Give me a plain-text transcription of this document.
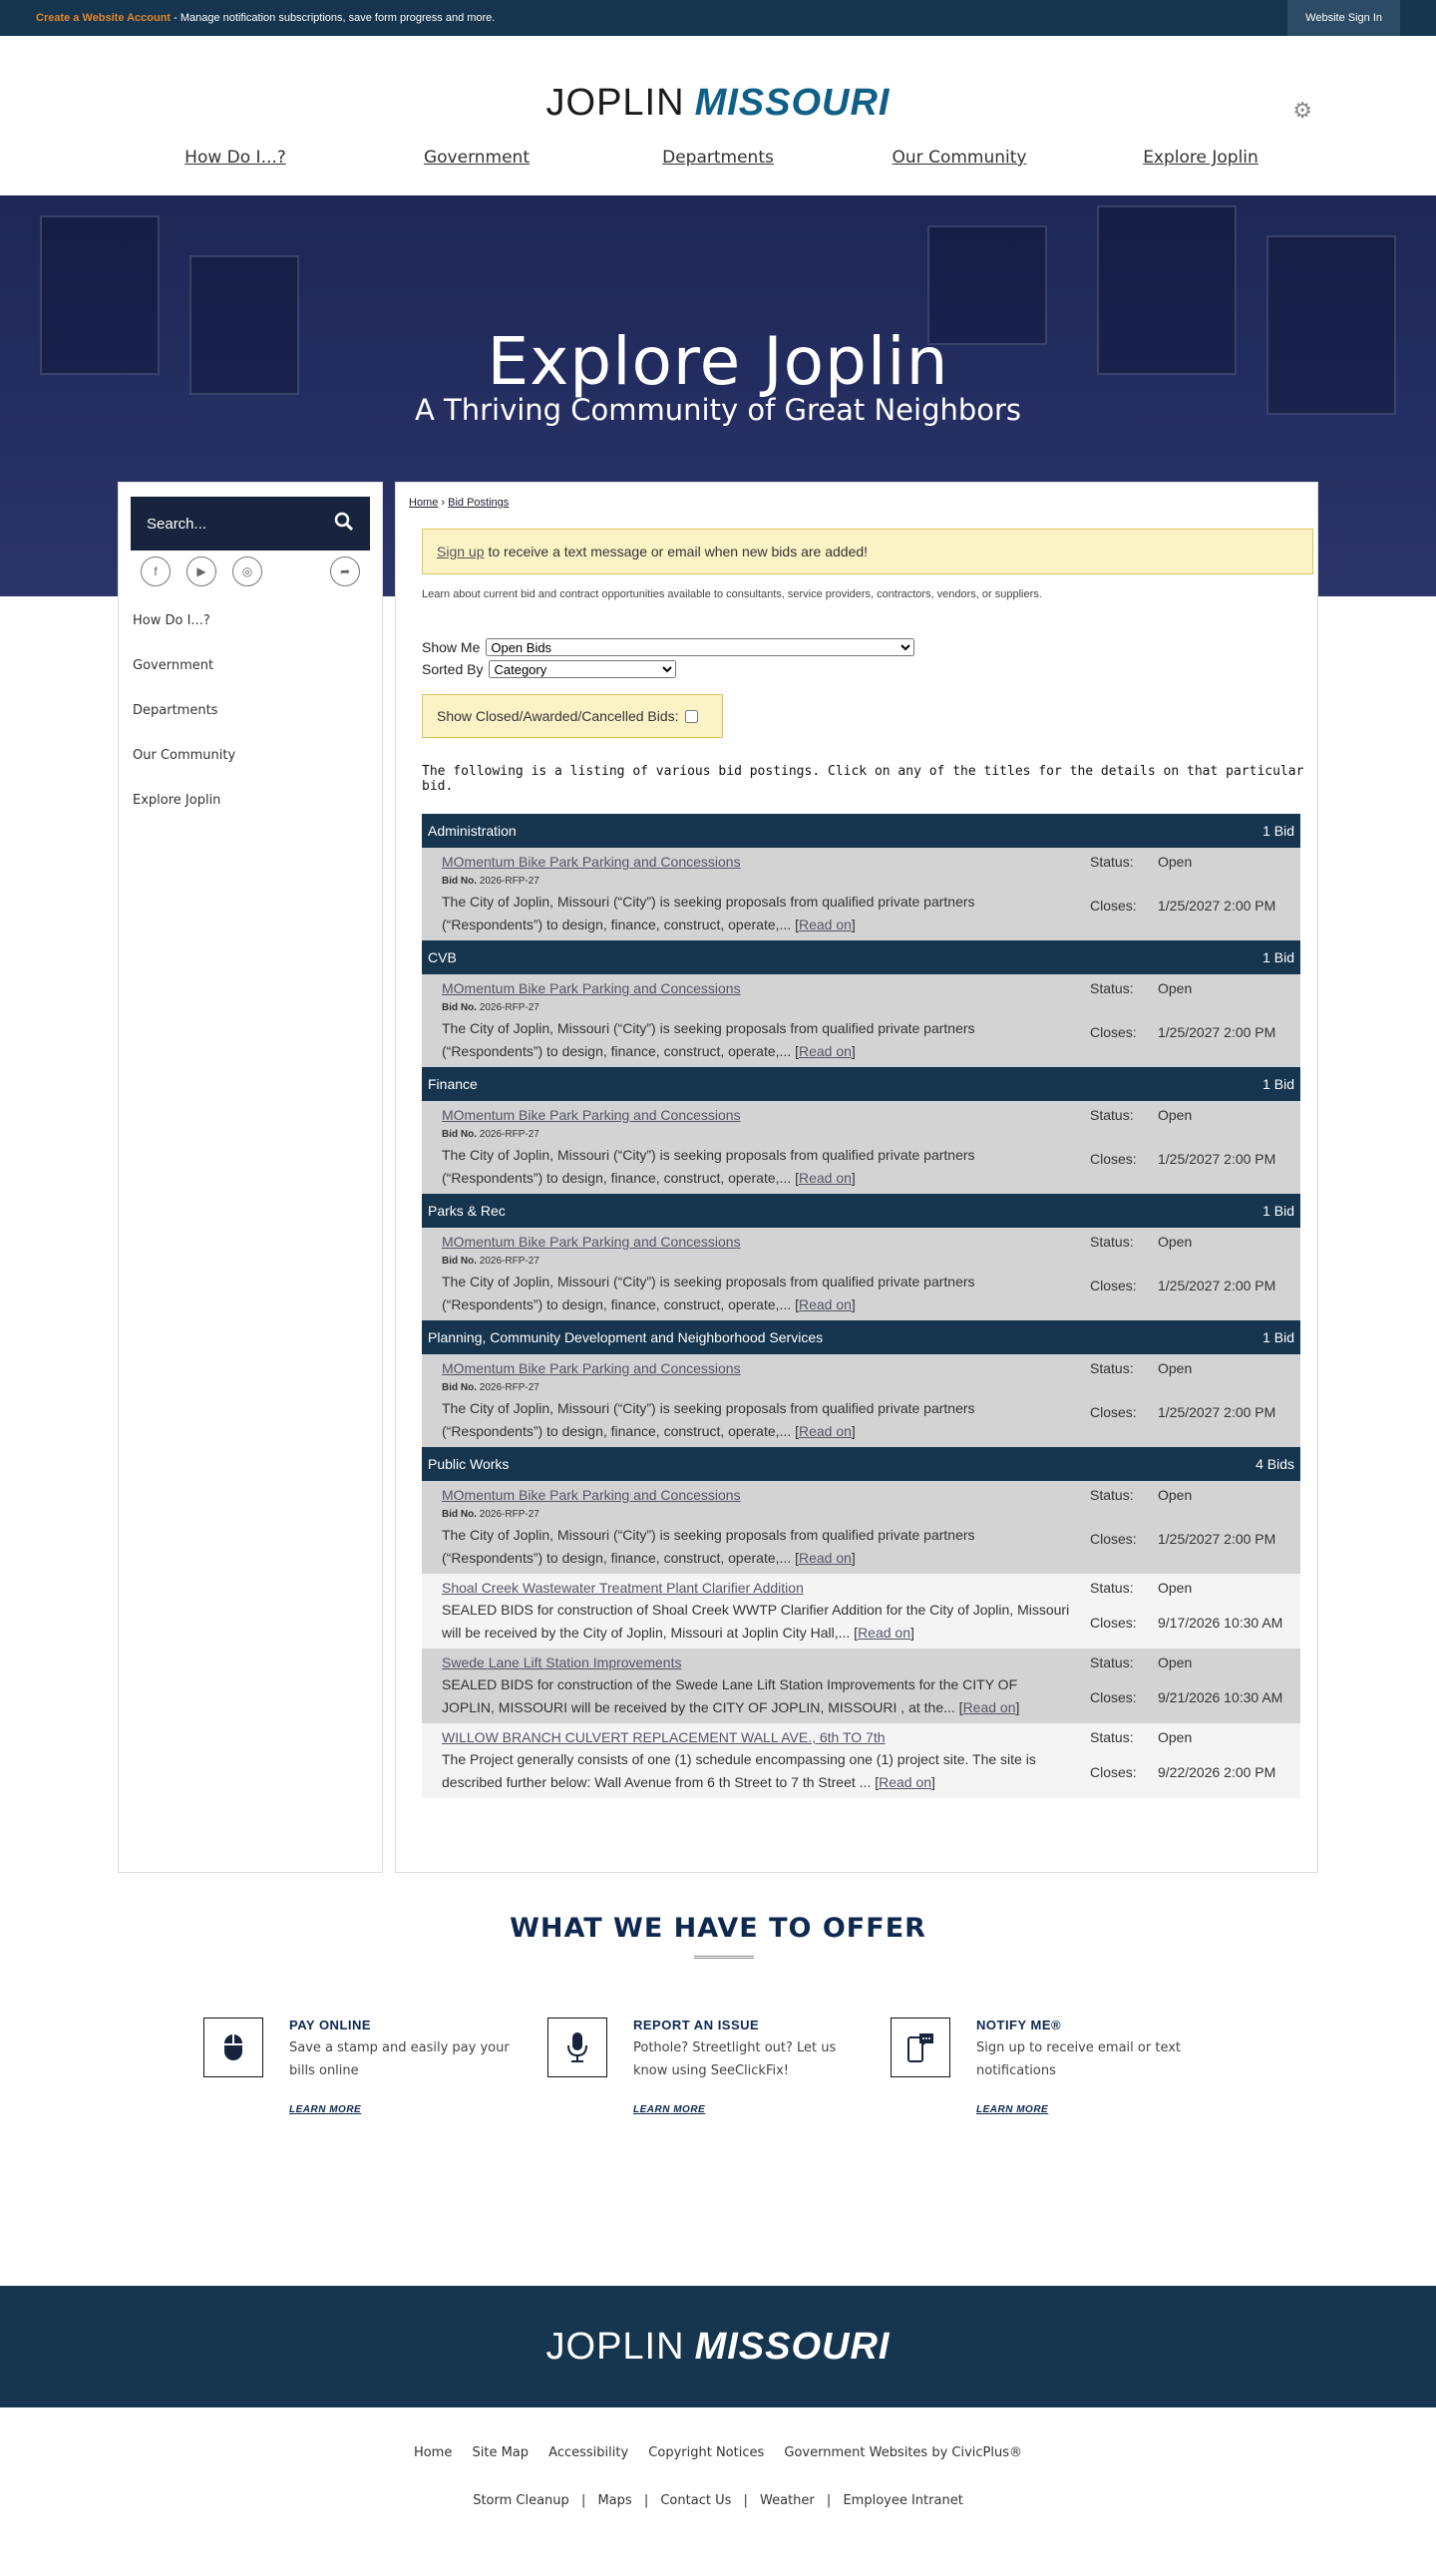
Create a Website Account - Manage notification subscriptions, save form progress and more.	Website Sign In
JOPLIN MISSOURI	⚙
How Do I...?	Government	Departments	Our Community	Explore Joplin
Explore Joplin
A Thriving Community of Great Neighbors
Search...
f	▶	◎	➦
How Do I...?
Government
Departments
Our Community
Explore Joplin
Home › Bid Postings
Sign up to receive a text message or email when new bids are added!
Learn about current bid and contract opportunities available to consultants, service providers, contractors, vendors, or suppliers.
Show Me
Open Bids
Sorted By
Category
Show Closed/Awarded/Cancelled Bids:
The following is a listing of various bid postings. Click on any of the titles for the details on that particular bid.
Administration	1 Bid
MOmentum Bike Park Parking and Concessions
Bid No. 2026-RFP-27
The City of Joplin, Missouri (“City”) is seeking proposals from qualified private partners (“Respondents”) to design, finance, construct, operate,... [Read on]
Status:	Open
Closes:	1/25/2027 2:00 PM
CVB	1 Bid
MOmentum Bike Park Parking and Concessions
Bid No. 2026-RFP-27
The City of Joplin, Missouri (“City”) is seeking proposals from qualified private partners (“Respondents”) to design, finance, construct, operate,... [Read on]
Status:	Open
Closes:	1/25/2027 2:00 PM
Finance	1 Bid
MOmentum Bike Park Parking and Concessions
Bid No. 2026-RFP-27
The City of Joplin, Missouri (“City”) is seeking proposals from qualified private partners (“Respondents”) to design, finance, construct, operate,... [Read on]
Status:	Open
Closes:	1/25/2027 2:00 PM
Parks & Rec	1 Bid
MOmentum Bike Park Parking and Concessions
Bid No. 2026-RFP-27
The City of Joplin, Missouri (“City”) is seeking proposals from qualified private partners (“Respondents”) to design, finance, construct, operate,... [Read on]
Status:	Open
Closes:	1/25/2027 2:00 PM
Planning, Community Development and Neighborhood Services	1 Bid
MOmentum Bike Park Parking and Concessions
Bid No. 2026-RFP-27
The City of Joplin, Missouri (“City”) is seeking proposals from qualified private partners (“Respondents”) to design, finance, construct, operate,... [Read on]
Status:	Open
Closes:	1/25/2027 2:00 PM
Public Works	4 Bids
MOmentum Bike Park Parking and Concessions
Bid No. 2026-RFP-27
The City of Joplin, Missouri (“City”) is seeking proposals from qualified private partners (“Respondents”) to design, finance, construct, operate,... [Read on]
Status:	Open
Closes:	1/25/2027 2:00 PM
Shoal Creek Wastewater Treatment Plant Clarifier Addition
SEALED BIDS for construction of Shoal Creek WWTP Clarifier Addition for the City of Joplin, Missouri will be received by the City of Joplin, Missouri at Joplin City Hall,... [Read on]
Status:	Open
Closes:	9/17/2026 10:30 AM
Swede Lane Lift Station Improvements
SEALED BIDS for construction of the Swede Lane Lift Station Improvements for the CITY OF JOPLIN, MISSOURI will be received by the CITY OF JOPLIN, MISSOURI , at the... [Read on]
Status:	Open
Closes:	9/21/2026 10:30 AM
WILLOW BRANCH CULVERT REPLACEMENT WALL AVE., 6th TO 7th
The Project generally consists of one (1) schedule encompassing one (1) project site. The site is described further below: Wall Avenue from 6 th Street to 7 th Street ... [Read on]
Status:	Open
Closes:	9/22/2026 2:00 PM
WHAT WE HAVE TO OFFER
PAY ONLINE

Save a stamp and easily pay your bills online

LEARN MORE
REPORT AN ISSUE

Pothole? Streetlight out? Let us know using SeeClickFix!

LEARN MORE
NOTIFY ME®

Sign up to receive email or text notifications

LEARN MORE
JOPLIN MISSOURI
Home Site Map Accessibility Copyright Notices Government Websites by CivicPlus®
Storm Cleanup | Maps | Contact Us | Weather | Employee Intranet
